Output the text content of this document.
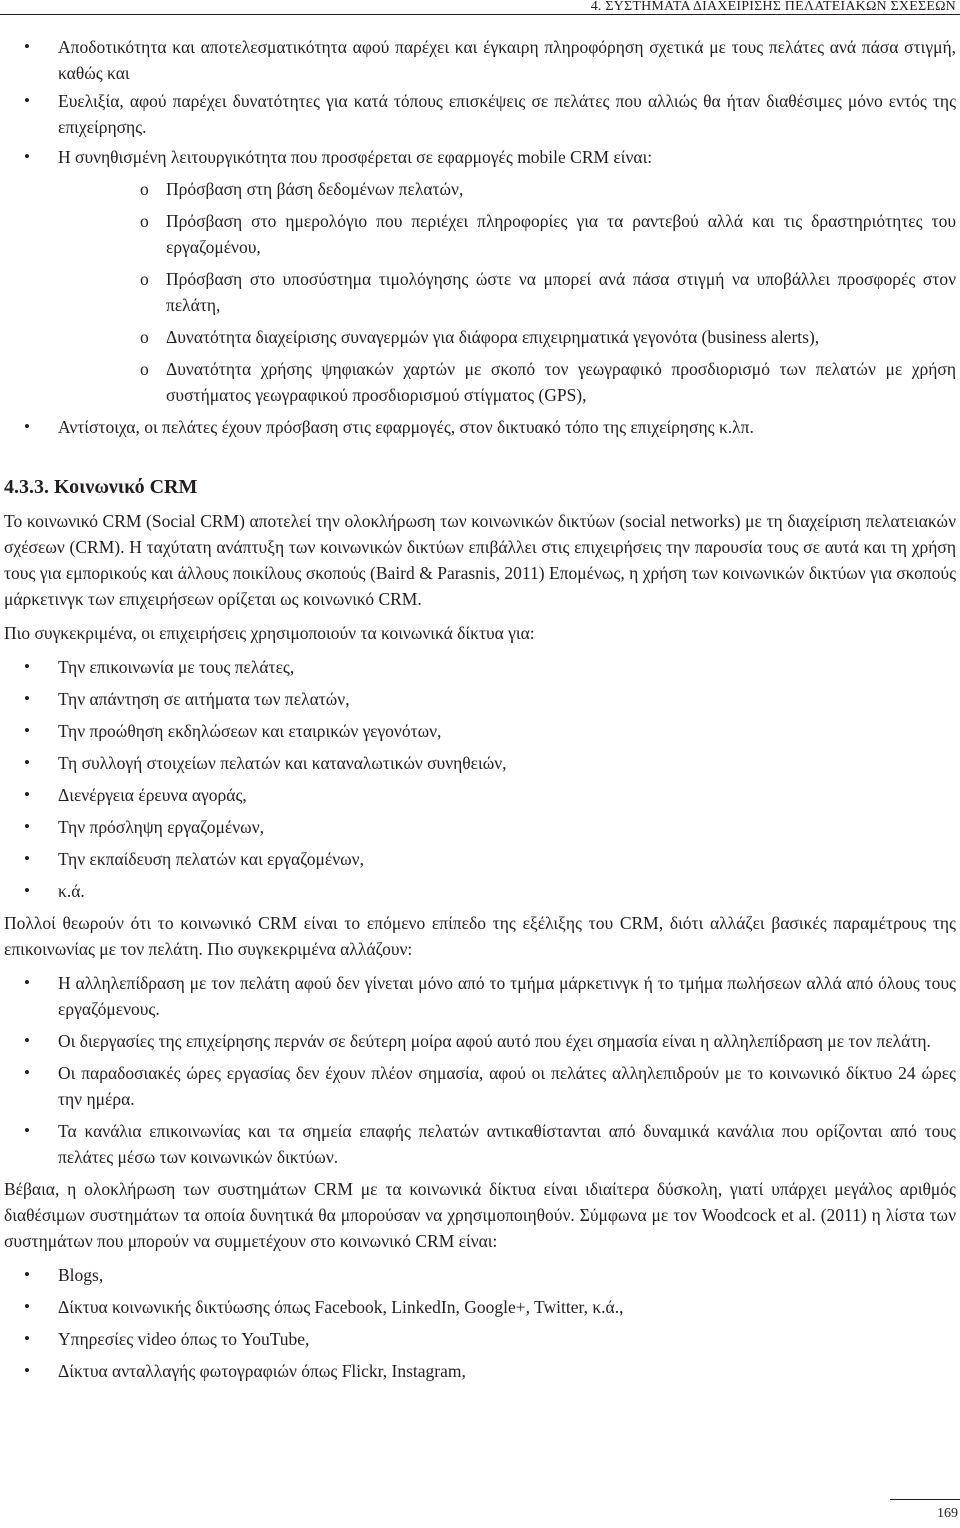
4. ΣΥΣΤΗΜΑΤΑ ΔΙΑΧΕΙΡΙΣΗΣ ΠΕΛΑΤΕΙΑΚΩΝ ΣΧΕΣΕΩΝ
• Αποδοτικότητα και αποτελεσματικότητα αφού παρέχει και έγκαιρη πληροφόρηση σχετικά με τους πελάτες ανά πάσα στιγμή, καθώς και
• Ευελιξία, αφού παρέχει δυνατότητες για κατά τόπους επισκέψεις σε πελάτες που αλλιώς θα ήταν διαθέσιμες μόνο εντός της επιχείρησης.
• Η συνηθισμένη λειτουργικότητα που προσφέρεται σε εφαρμογές mobile CRM είναι:
o Πρόσβαση στη βάση δεδομένων πελατών,
o Πρόσβαση στο ημερολόγιο που περιέχει πληροφορίες για τα ραντεβού αλλά και τις δραστηριότητες του εργαζομένου,
o Πρόσβαση στο υποσύστημα τιμολόγησης ώστε να μπορεί ανά πάσα στιγμή να υποβάλλει προσφορές στον πελάτη,
o Δυνατότητα διαχείρισης συναγερμών για διάφορα επιχειρηματικά γεγονότα (business alerts),
o Δυνατότητα χρήσης ψηφιακών χαρτών με σκοπό τον γεωγραφικό προσδιορισμό των πελατών με χρήση συστήματος γεωγραφικού προσδιορισμού στίγματος (GPS),
• Αντίστοιχα, οι πελάτες έχουν πρόσβαση στις εφαρμογές, στον δικτυακό τόπο της επιχείρησης κ.λπ.
4.3.3. Κοινωνικό CRM

Το κοινωνικό CRM (Social CRM) αποτελεί την ολοκλήρωση των κοινωνικών δικτύων (social networks) με τη διαχείριση πελατειακών σχέσεων (CRM). Η ταχύτατη ανάπτυξη των κοινωνικών δικτύων επιβάλλει στις επιχειρήσεις την παρουσία τους σε αυτά και τη χρήση τους για εμπορικούς και άλλους ποικίλους σκοπούς (Baird & Parasnis, 2011) Επομένως, η χρήση των κοινωνικών δικτύων για σκοπούς μάρκετινγκ των επιχειρήσεων ορίζεται ως κοινωνικό CRM.

Πιο συγκεκριμένα, οι επιχειρήσεις χρησιμοποιούν τα κοινωνικά δίκτυα για:

• Την επικοινωνία με τους πελάτες,
• Την απάντηση σε αιτήματα των πελατών,
• Την προώθηση εκδηλώσεων και εταιρικών γεγονότων,
• Τη συλλογή στοιχείων πελατών και καταναλωτικών συνηθειών,
• Διενέργεια έρευνα αγοράς,
• Την πρόσληψη εργαζομένων,
• Την εκπαίδευση πελατών και εργαζομένων,
• κ.ά.

Πολλοί θεωρούν ότι το κοινωνικό CRM είναι το επόμενο επίπεδο της εξέλιξης του CRM, διότι αλλάζει βασικές παραμέτρους της επικοινωνίας με τον πελάτη. Πιο συγκεκριμένα αλλάζουν:

• Η αλληλεπίδραση με τον πελάτη αφού δεν γίνεται μόνο από το τμήμα μάρκετινγκ ή το τμήμα πωλήσεων αλλά από όλους τους εργαζόμενους.
• Οι διεργασίες της επιχείρησης περνάν σε δεύτερη μοίρα αφού αυτό που έχει σημασία είναι η αλληλεπίδραση με τον πελάτη.
• Οι παραδοσιακές ώρες εργασίας δεν έχουν πλέον σημασία, αφού οι πελάτες αλληλεπιδρούν με το κοινωνικό δίκτυο 24 ώρες την ημέρα.
• Τα κανάλια επικοινωνίας και τα σημεία επαφής πελατών αντικαθίστανται από δυναμικά κανάλια που ορίζονται από τους πελάτες μέσω των κοινωνικών δικτύων.

Βέβαια, η ολοκλήρωση των συστημάτων CRM με τα κοινωνικά δίκτυα είναι ιδιαίτερα δύσκολη, γιατί υπάρχει μεγάλος αριθμός διαθέσιμων συστημάτων τα οποία δυνητικά θα μπορούσαν να χρησιμοποιηθούν. Σύμφωνα με τον Woodcock et al. (2011) η λίστα των συστημάτων που μπορούν να συμμετέχουν στο κοινωνικό CRM είναι:

• Blogs,
• Δίκτυα κοινωνικής δικτύωσης όπως Facebook, LinkedIn, Google+, Twitter, κ.ά.,
• Υπηρεσίες video όπως το YouTube,
• Δίκτυα ανταλλαγής φωτογραφιών όπως Flickr, Instagram,
169
